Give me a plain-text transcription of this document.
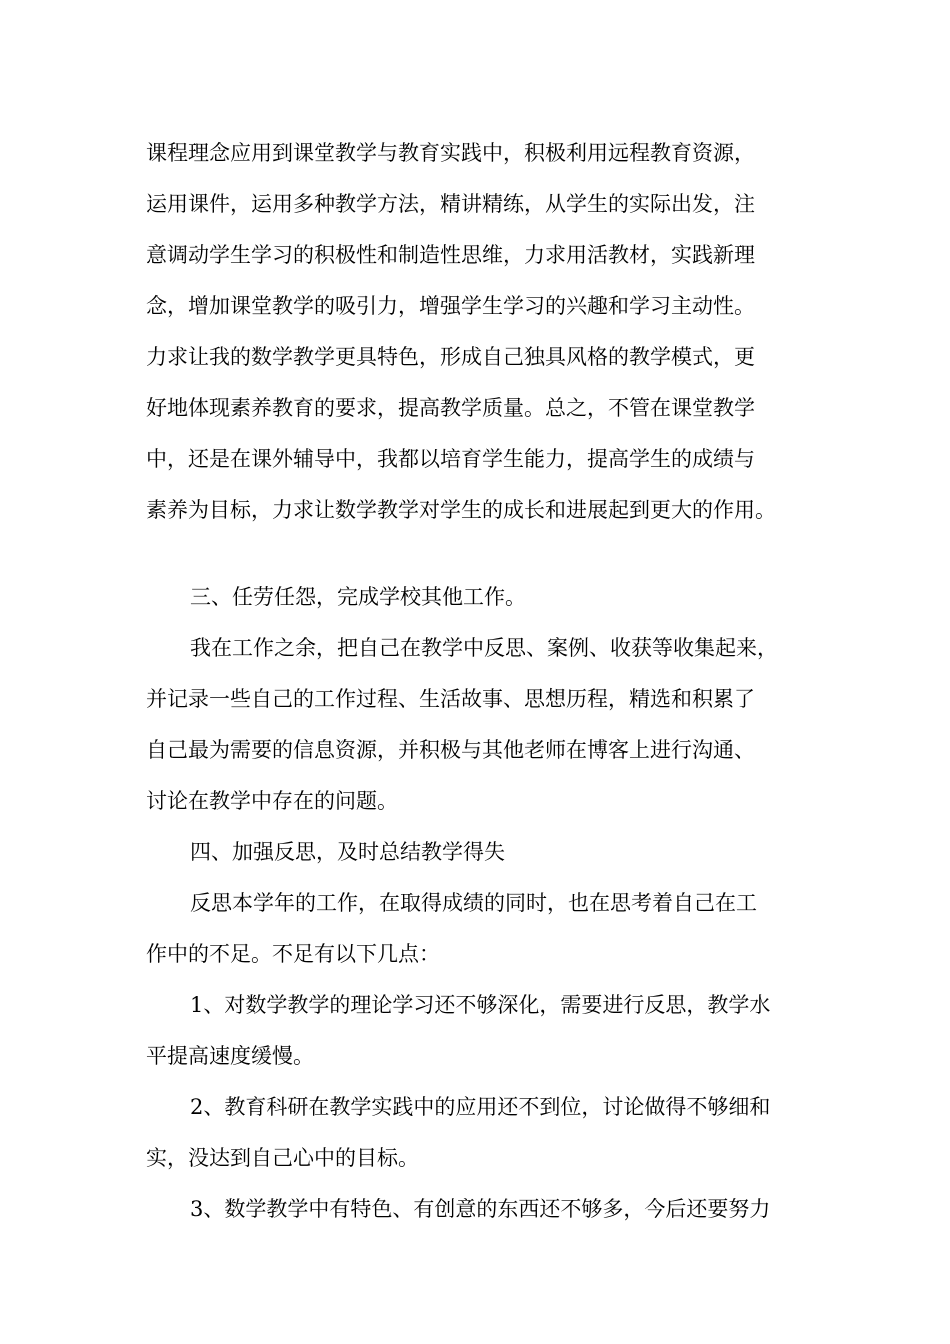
课程理念应用到课堂教学与教育实践中，积极利用远程教育资源，
运用课件，运用多种教学方法，精讲精练，从学生的实际出发，注
意调动学生学习的积极性和制造性思维，力求用活教材，实践新理
念，增加课堂教学的吸引力，增强学生学习的兴趣和学习主动性。
力求让我的数学教学更具特色，形成自己独具风格的教学模式，更
好地体现素养教育的要求，提高教学质量。总之，不管在课堂教学
中，还是在课外辅导中，我都以培育学生能力，提高学生的成绩与
素养为目标，力求让数学教学对学生的成长和进展起到更大的作用。
三、任劳任怨，完成学校其他工作。
我在工作之余，把自己在教学中反思、案例、收获等收集起来，
并记录一些自己的工作过程、生活故事、思想历程，精选和积累了
自己最为需要的信息资源，并积极与其他老师在博客上进行沟通、
讨论在教学中存在的问题。
四、加强反思，及时总结教学得失
反思本学年的工作，在取得成绩的同时，也在思考着自己在工
作中的不足。不足有以下几点：
1、对数学教学的理论学习还不够深化，需要进行反思，教学水
平提高速度缓慢。
2、教育科研在教学实践中的应用还不到位，讨论做得不够细和
实，没达到自己心中的目标。
3、数学教学中有特色、有创意的东西还不够多，今后还要努力
